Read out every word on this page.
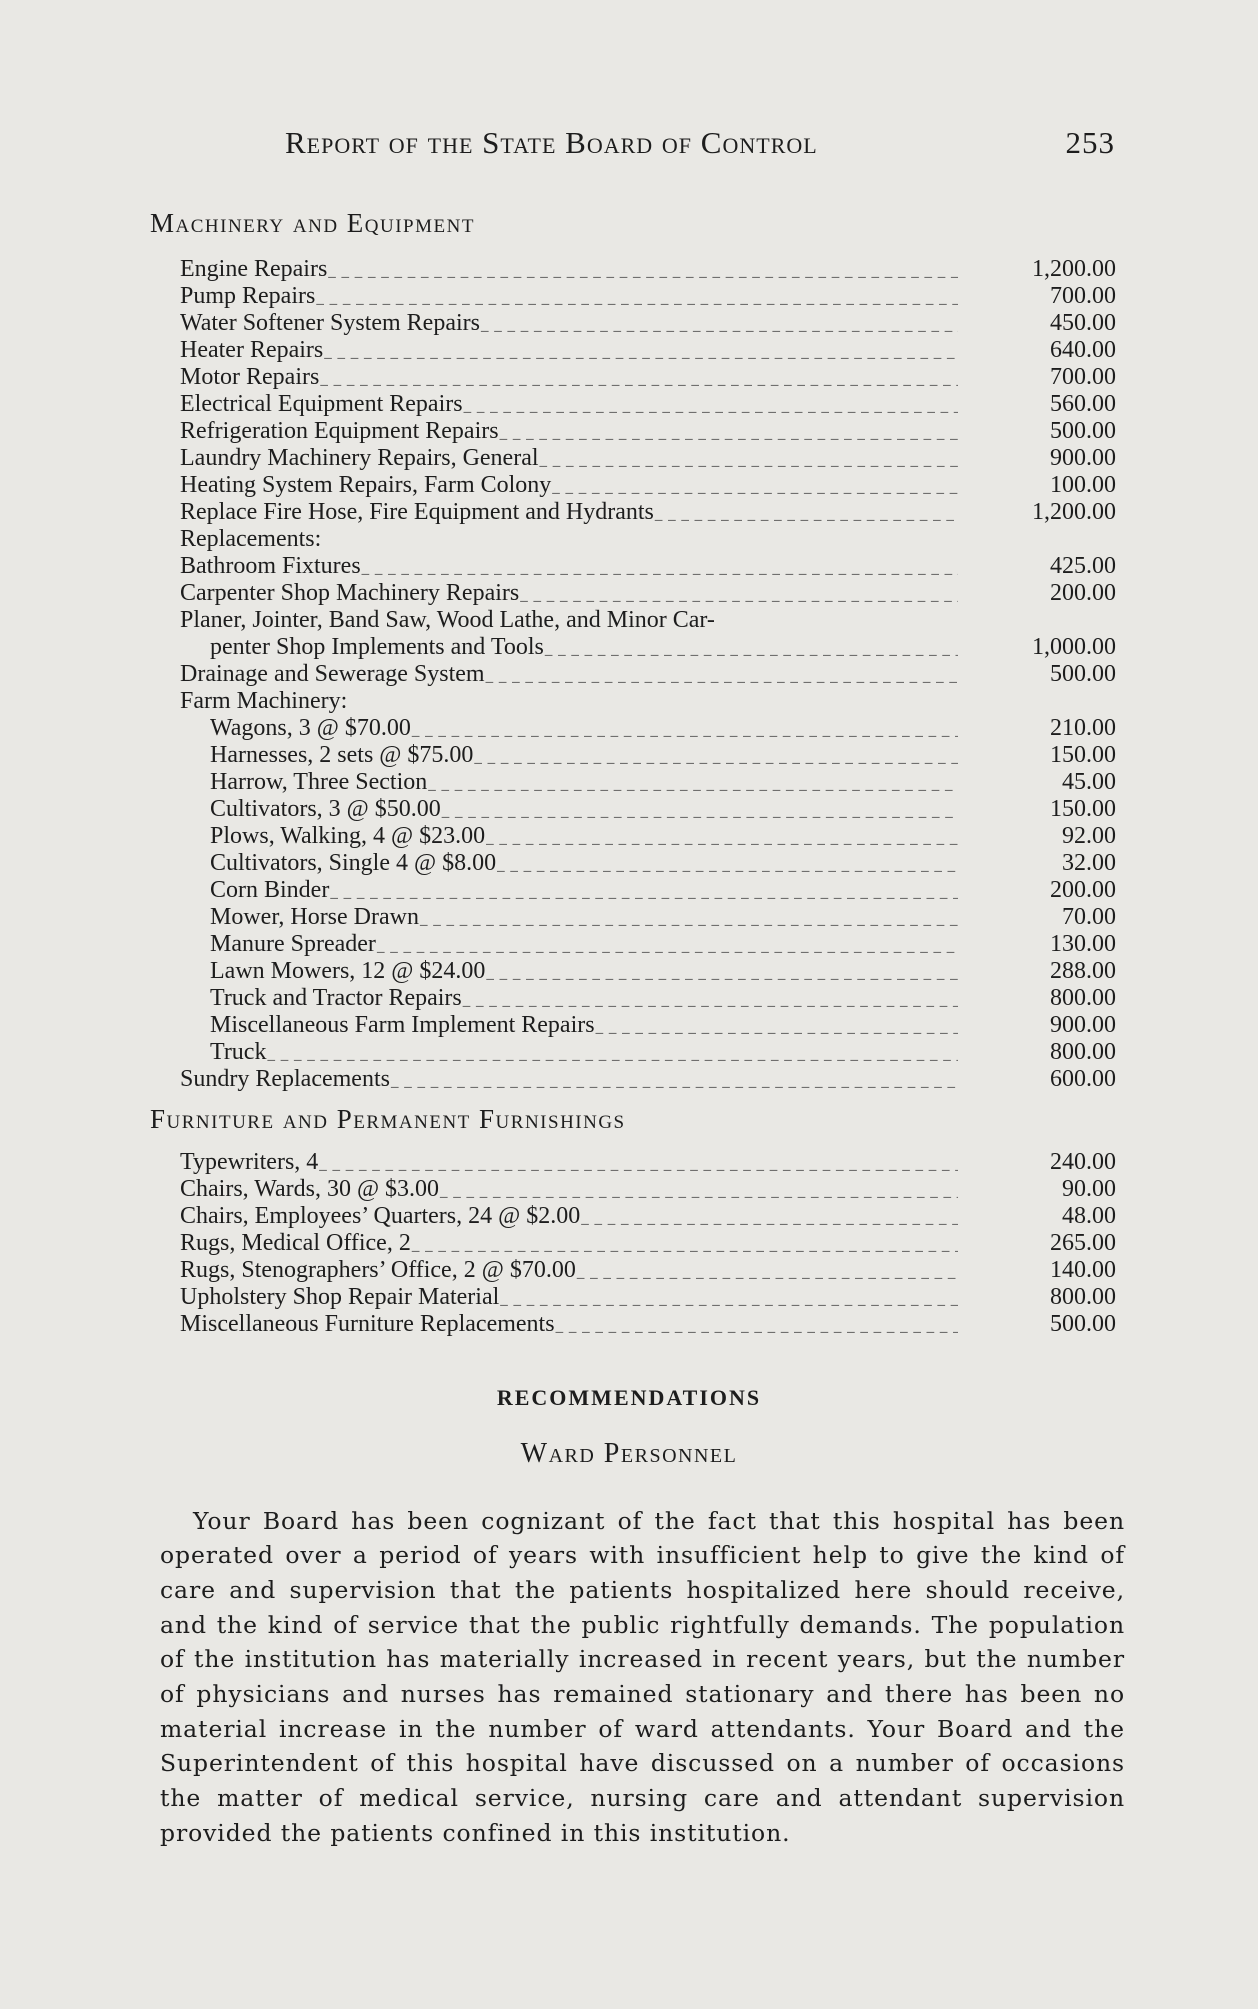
Report of the State Board of Control	253
Machinery and Equipment
Engine Repairs _ _ _	1,200.00
Pump Repairs _ _ _	700.00
Water Softener System Repairs _ _ _	450.00
Heater Repairs _ _ _	640.00
Motor Repairs _ _ _	700.00
Electrical Equipment Repairs _ _ _	560.00
Refrigeration Equipment Repairs _ _ _	500.00
Laundry Machinery Repairs, General _ _ _	900.00
Heating System Repairs, Farm Colony _ _ _	100.00
Replace Fire Hose, Fire Equipment and Hydrants _ _ _	1,200.00
Replacements:
Bathroom Fixtures _ _ _	425.00
Carpenter Shop Machinery Repairs _ _ _	200.00
Planer, Jointer, Band Saw, Wood Lathe, and Minor Car-
penter Shop Implements and Tools _ _ _	1,000.00
Drainage and Sewerage System _ _ _	500.00
Farm Machinery:
Wagons, 3 @ $70.00 _ _ _	210.00
Harnesses, 2 sets @ $75.00 _ _ _	150.00
Harrow, Three Section _ _ _	45.00
Cultivators, 3 @ $50.00 _ _ _	150.00
Plows, Walking, 4 @ $23.00 _ _ _	92.00
Cultivators, Single 4 @ $8.00 _ _ _	32.00
Corn Binder _ _ _	200.00
Mower, Horse Drawn _ _ _	70.00
Manure Spreader _ _ _	130.00
Lawn Mowers, 12 @ $24.00 _ _ _	288.00
Truck and Tractor Repairs _ _ _	800.00
Miscellaneous Farm Implement Repairs _ _ _	900.00
Truck _ _ _	800.00
Sundry Replacements _ _ _	600.00
Furniture and Permanent Furnishings
Typewriters, 4 _ _ _	240.00
Chairs, Wards, 30 @ $3.00 _ _ _	90.00
Chairs, Employees’ Quarters, 24 @ $2.00 _ _ _	48.00
Rugs, Medical Office, 2 _ _ _	265.00
Rugs, Stenographers’ Office, 2 @ $70.00 _ _ _	140.00
Upholstery Shop Repair Material _ _ _	800.00
Miscellaneous Furniture Replacements _ _ _	500.00
RECOMMENDATIONS
Ward Personnel

Your Board has been cognizant of the fact that this hospital has been operated over a period of years with insufficient help to give the kind of care and supervision that the patients hospitalized here should receive, and the kind of service that the public rightfully demands. The population of the institution has materially increased in recent years, but the number of physicians and nurses has remained stationary and there has been no material increase in the number of ward attendants. Your Board and the Superintendent of this hospital have discussed on a number of occasions the matter of medical service, nursing care and attendant supervision provided the patients confined in this institution.
